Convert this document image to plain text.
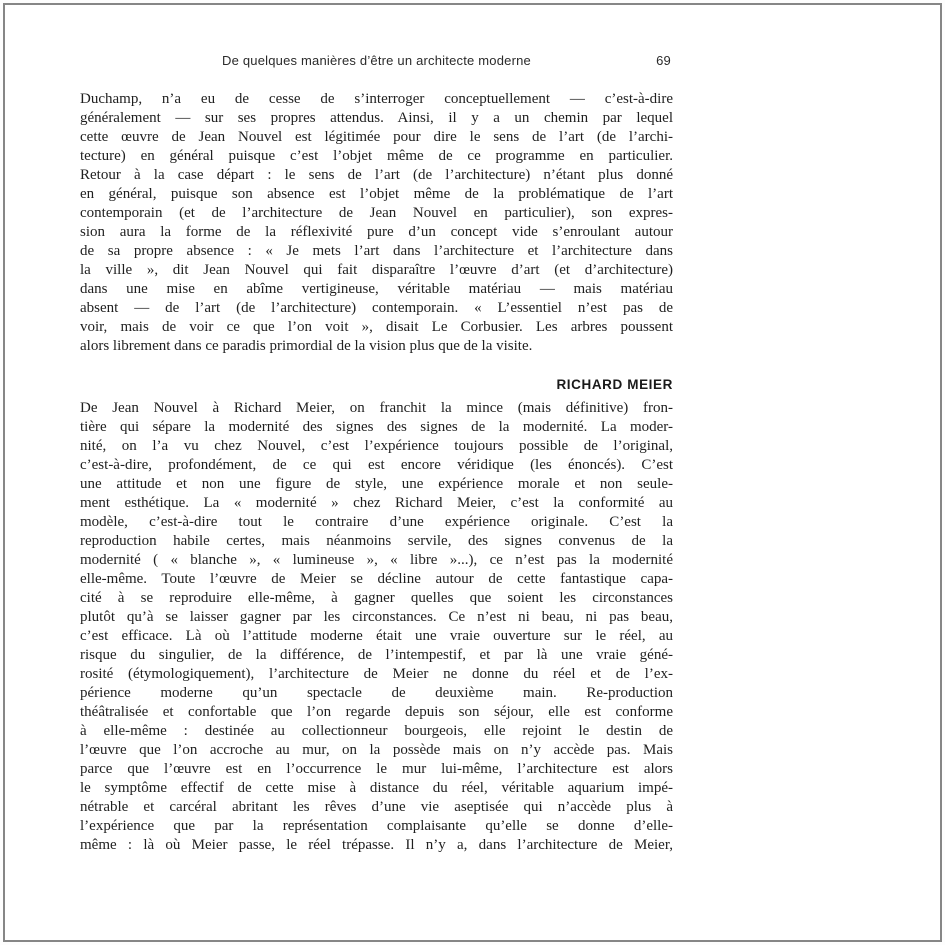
De quelques manières d’être un architecte moderne	69
Duchamp, n’a eu de cesse de s’interroger conceptuellement — c’est-à-dire
généralement — sur ses propres attendus. Ainsi, il y a un chemin par lequel
cette œuvre de Jean Nouvel est légitimée pour dire le sens de l’art (de l’archi-
tecture) en général puisque c’est l’objet même de ce programme en particulier.
Retour à la case départ : le sens de l’art (de l’architecture) n’étant plus donné
en général, puisque son absence est l’objet même de la problématique de l’art
contemporain (et de l’architecture de Jean Nouvel en particulier), son expres-
sion aura la forme de la réflexivité pure d’un concept vide s’enroulant autour
de sa propre absence : « Je mets l’art dans l’architecture et l’architecture dans
la ville », dit Jean Nouvel qui fait disparaître l’œuvre d’art (et d’architecture)
dans une mise en abîme vertigineuse, véritable matériau — mais matériau
absent — de l’art (de l’architecture) contemporain. « L’essentiel n’est pas de
voir, mais de voir ce que l’on voit », disait Le Corbusier. Les arbres poussent
alors librement dans ce paradis primordial de la vision plus que de la visite.
RICHARD MEIER
De Jean Nouvel à Richard Meier, on franchit la mince (mais définitive) fron-
tière qui sépare la modernité des signes des signes de la modernité. La moder-
nité, on l’a vu chez Nouvel, c’est l’expérience toujours possible de l’original,
c’est-à-dire, profondément, de ce qui est encore véridique (les énoncés). C’est
une attitude et non une figure de style, une expérience morale et non seule-
ment esthétique. La « modernité » chez Richard Meier, c’est la conformité au
modèle, c’est-à-dire tout le contraire d’une expérience originale. C’est la
reproduction habile certes, mais néanmoins servile, des signes convenus de la
modernité ( « blanche », « lumineuse », « libre »...), ce n’est pas la modernité
elle-même. Toute l’œuvre de Meier se décline autour de cette fantastique capa-
cité à se reproduire elle-même, à gagner quelles que soient les circonstances
plutôt qu’à se laisser gagner par les circonstances. Ce n’est ni beau, ni pas beau,
c’est efficace. Là où l’attitude moderne était une vraie ouverture sur le réel, au
risque du singulier, de la différence, de l’intempestif, et par là une vraie géné-
rosité (étymologiquement), l’architecture de Meier ne donne du réel et de l’ex-
périence moderne qu’un spectacle de deuxième main. Re-production
théâtralisée et confortable que l’on regarde depuis son séjour, elle est conforme
à elle-même : destinée au collectionneur bourgeois, elle rejoint le destin de
l’œuvre que l’on accroche au mur, on la possède mais on n’y accède pas. Mais
parce que l’œuvre est en l’occurrence le mur lui-même, l’architecture est alors
le symptôme effectif de cette mise à distance du réel, véritable aquarium impé-
nétrable et carcéral abritant les rêves d’une vie aseptisée qui n’accède plus à
l’expérience que par la représentation complaisante qu’elle se donne d’elle-
même : là où Meier passe, le réel trépasse. Il n’y a, dans l’architecture de Meier,
